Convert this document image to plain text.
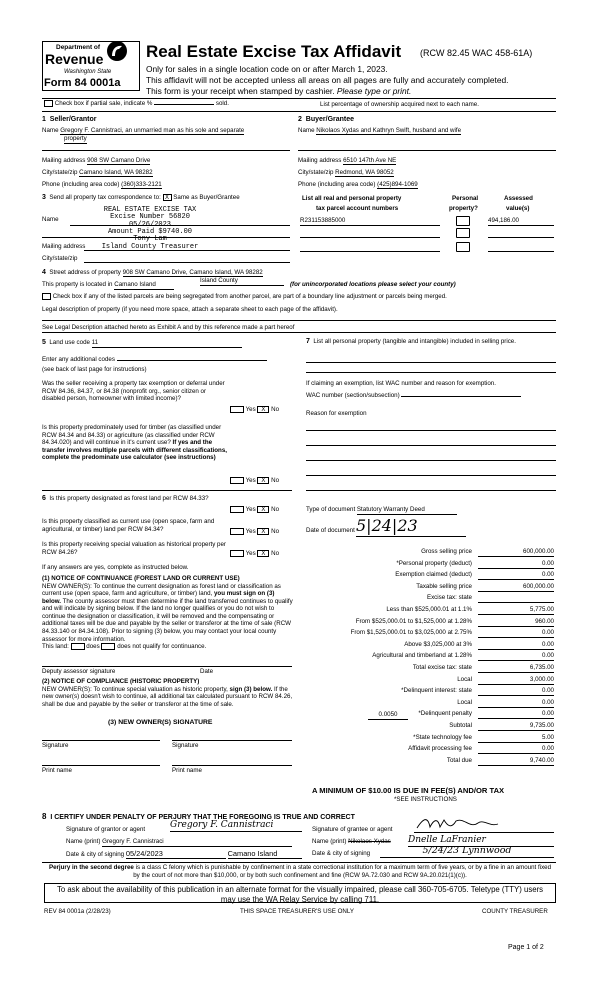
Department of
Revenue
Washington State
Form 84 0001a
Real Estate Excise Tax Affidavit (RCW 82.45 WAC 458-61A)
Only for sales in a single location code on or after March 1, 2023.
This affidavit will not be accepted unless all areas on all pages are fully and accurately completed.
This form is your receipt when stamped by cashier. Please type or print.
Check box if partial sale, indicate %	sold.	List percentage of ownership acquired next to each name.
1 Seller/Grantor
Name Gregory F. Cannistraci, an unmarried man as his sole and separate
property
Mailing address 908 SW Camano Drive
City/state/zip Camano Island, WA 98282
Phone (including area code) (360)333-2121
2 Buyer/Grantee
Name Nikolaos Xydas and Kathryn Swift, husband and wife
Mailing address 6510 147th Ave NE
City/state/zip Redmond, WA 98052
Phone (including area code) (425)894-1069
3 Send all property tax correspondence to: X Same as Buyer/Grantee
Name
Mailing address
City/state/zip
REAL ESTATE EXCISE TAX
Excise Number 56820
05/26/2023
Amount Paid $9740.00
Tony Lam
Island County Treasurer
List all real and personal property
tax parcel account numbers
Personal
property?
Assessed
value(s)
R231153885000	494,186.00
4 Street address of property 908 SW Camano Drive, Camano Island, WA 98282
This property is located in Camano Island
Island County
(for unincorporated locations please select your county)
Check box if any of the listed parcels are being segregated from another parcel, are part of a boundary line adjustment or parcels being merged.
Legal description of property (if you need more space, attach a separate sheet to each page of the affidavit).
See Legal Description attached hereto as Exhibit A and by this reference made a part hereof
5 Land use code 11
Enter any additional codes
(see back of last page for instructions)
Was the seller receiving a property tax exemption or deferral under RCW 84.36, 84.37, or 84.38 (nonprofit org., senior citizen or disabled person, homeowner with limited income)?
Yes X No
Is this property predominately used for timber (as classified under RCW 84.34 and 84.33) or agriculture (as classified under RCW 84.34.020) and will continue in it's current use? If yes and the transfer involves multiple parcels with different classifications, complete the predominate use calculator (see instructions)
Yes X No
6 Is this property designated as forest land per RCW 84.33?
Yes X No
Is this property classified as current use (open space, farm and agricultural, or timber) land per RCW 84.34?	Yes X No
Is this property receiving special valuation as historical property per RCW 84.26?	Yes X No
If any answers are yes, complete as instructed below.
(1) NOTICE OF CONTINUANCE (FOREST LAND OR CURRENT USE)
NEW OWNER(S): To continue the current designation as forest land or classification as current use (open space, farm and agriculture, or timber) land, you must sign on (3) below. The county assessor must then determine if the land transferred continues to qualify and will indicate by signing below. If the land no longer qualifies or you do not wish to continue the designation or classification, it will be removed and the compensating or additional taxes will be due and payable by the seller or transferor at the time of sale (RCW 84.33.140 or 84.34.108). Prior to signing (3) below, you may contact your local county assessor for more information.
This land:	does	does not qualify for continuance.
Deputy assessor signature	Date
(2) NOTICE OF COMPLIANCE (HISTORIC PROPERTY)
NEW OWNER(S): To continue special valuation as historic property, sign (3) below. If the new owner(s) doesn't wish to continue, all additional tax calculated pursuant to RCW 84.26, shall be due and payable by the seller or transferor at the time of sale.
(3) NEW OWNER(S) SIGNATURE
Signature	Signature
Print name	Print name
7 List all personal property (tangible and intangible) included in selling price.
If claiming an exemption, list WAC number and reason for exemption.
WAC number (section/subsection)
Reason for exemption
Type of document Statutory Warranty Deed
Date of document 5|24|23
Gross selling price	600,000.00
*Personal property (deduct)	0.00
Exemption claimed (deduct)	0.00
Taxable selling price	600,000.00
Excise tax: state
Less than $525,000.01 at 1.1%	5,775.00
From $525,000.01 to $1,525,000 at 1.28%	960.00
From $1,525,000.01 to $3,025,000 at 2.75%	0.00
Above $3,025,000 at 3%	0.00
Agricultural and timberland at 1.28%	0.00
Total excise tax: state	6,735.00
Local	3,000.00
*Delinquent interest: state	0.00
Local	0.00
*Delinquent penalty	0.00
Subtotal	9,735.00
*State technology fee	5.00
Affidavit processing fee	0.00
Total due	9,740.00
0.0050
A MINIMUM OF $10.00 IS DUE IN FEE(S) AND/OR TAX
*SEE INSTRUCTIONS
8 I CERTIFY UNDER PENALTY OF PERJURY THAT THE FOREGOING IS TRUE AND CORRECT
Signature of grantor or agent	Gregory F. Cannistraci
Name (print) Gregory F. Cannistraci
Date & city of signing 05/24/2023	Camano Island
Signature of grantee or agent
Name (print) Nikolaos Xydas Dnelle LaFranier
Date & city of signing	5/24/23 Lynnwood
Perjury in the second degree is a class C felony which is punishable by confinement in a state correctional institution for a maximum term of five years, or by a fine in an amount fixed by the court of not more than $10,000, or by both such confinement and fine (RCW 9A.72.030 and RCW 9A.20.021(1)(c)).
To ask about the availability of this publication in an alternate format for the visually impaired, please call 360-705-6705. Teletype (TTY) users may use the WA Relay Service by calling 711.
REV 84 0001a (2/28/23)	THIS SPACE TREASURER'S USE ONLY	COUNTY TREASURER
Page 1 of 2
